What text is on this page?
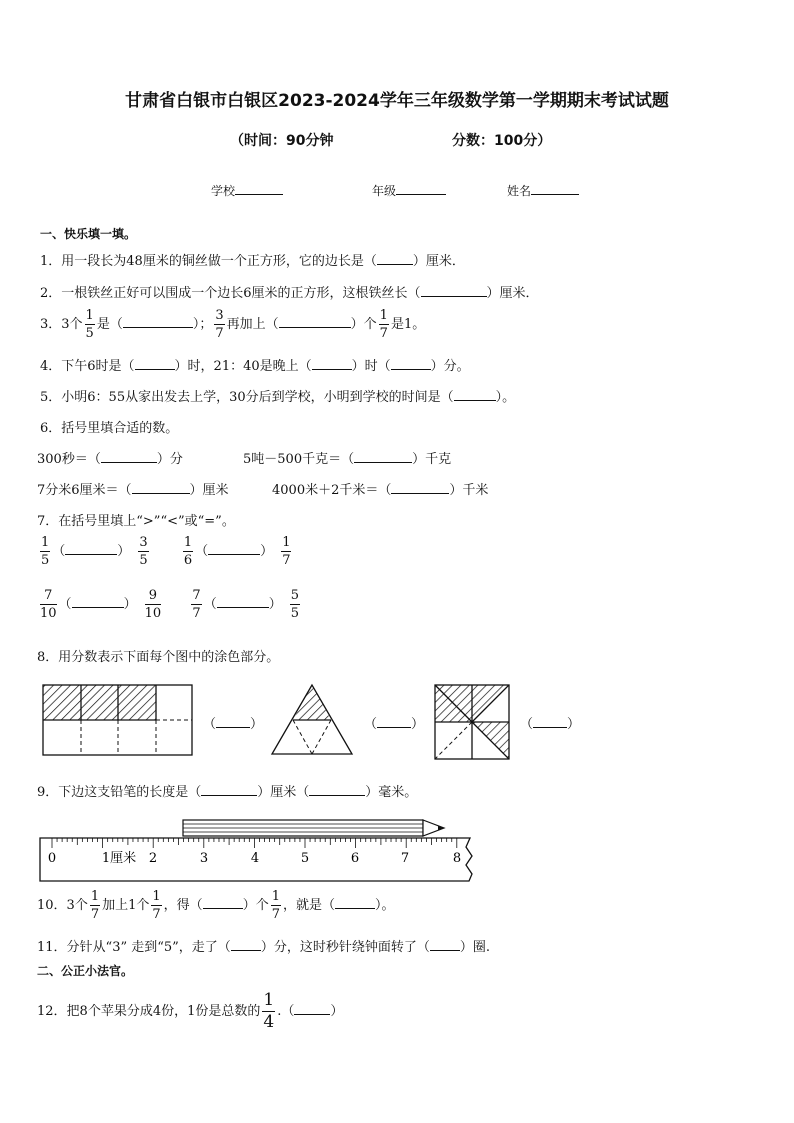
甘肃省白银市白银区2023-2024学年三年级数学第一学期期末考试试题
（时间：90分钟	分数：100分）
学校	年级	姓名
一、快乐填一填。
1．用一段长为48厘米的铜丝做一个正方形，它的边长是（	）厘米．
2．一根铁丝正好可以围成一个边长6厘米的正方形，这根铁丝长（	）厘米．
3．3个 $\frac{1}{5}$ 是（	）； $\frac{3}{7}$ 再加上（	）个 $\frac{1}{7}$ 是1。
4．下午6时是（	）时，21：40是晚上（	）时（	）分。
5．小明6：55从家出发去上学，30分后到学校，小明到学校的时间是（	）。
6．括号里填合适的数。
300秒＝（	）分	5吨－500千克＝（	）千克
7分米6厘米＝（	）厘米	4000米＋2千米＝（	）千米
7．在括号里填上“>”“<”或“=”。
$\frac{1}{5}$ （	） $\frac{3}{5}$
	$\frac{1}{6}$ （	） $\frac{1}{7}$
$\frac{7}{10}$ （	） $\frac{9}{10}$
$\frac{7}{7}$ （	） $\frac{5}{5}$
8．用分数表示下面每个图中的涂色部分。
（	）	（	）	（	）
9．下边这支铅笔的长度是（	）厘米（	）毫米。
0	1厘米 2	3	4	5	6	7	8
10．3个 $\frac{1}{7}$ 加上1个 $\frac{1}{7}$ ，得（	）个 $\frac{1}{7}$ ，就是（	）。
11．分针从“3” 走到“5”，走了（ ）分，这时秒针绕钟面转了（ ）圈.
二、公正小法官。
12．把8个苹果分成4份，1份是总数的 $\frac{1}{4}$ .（	）
